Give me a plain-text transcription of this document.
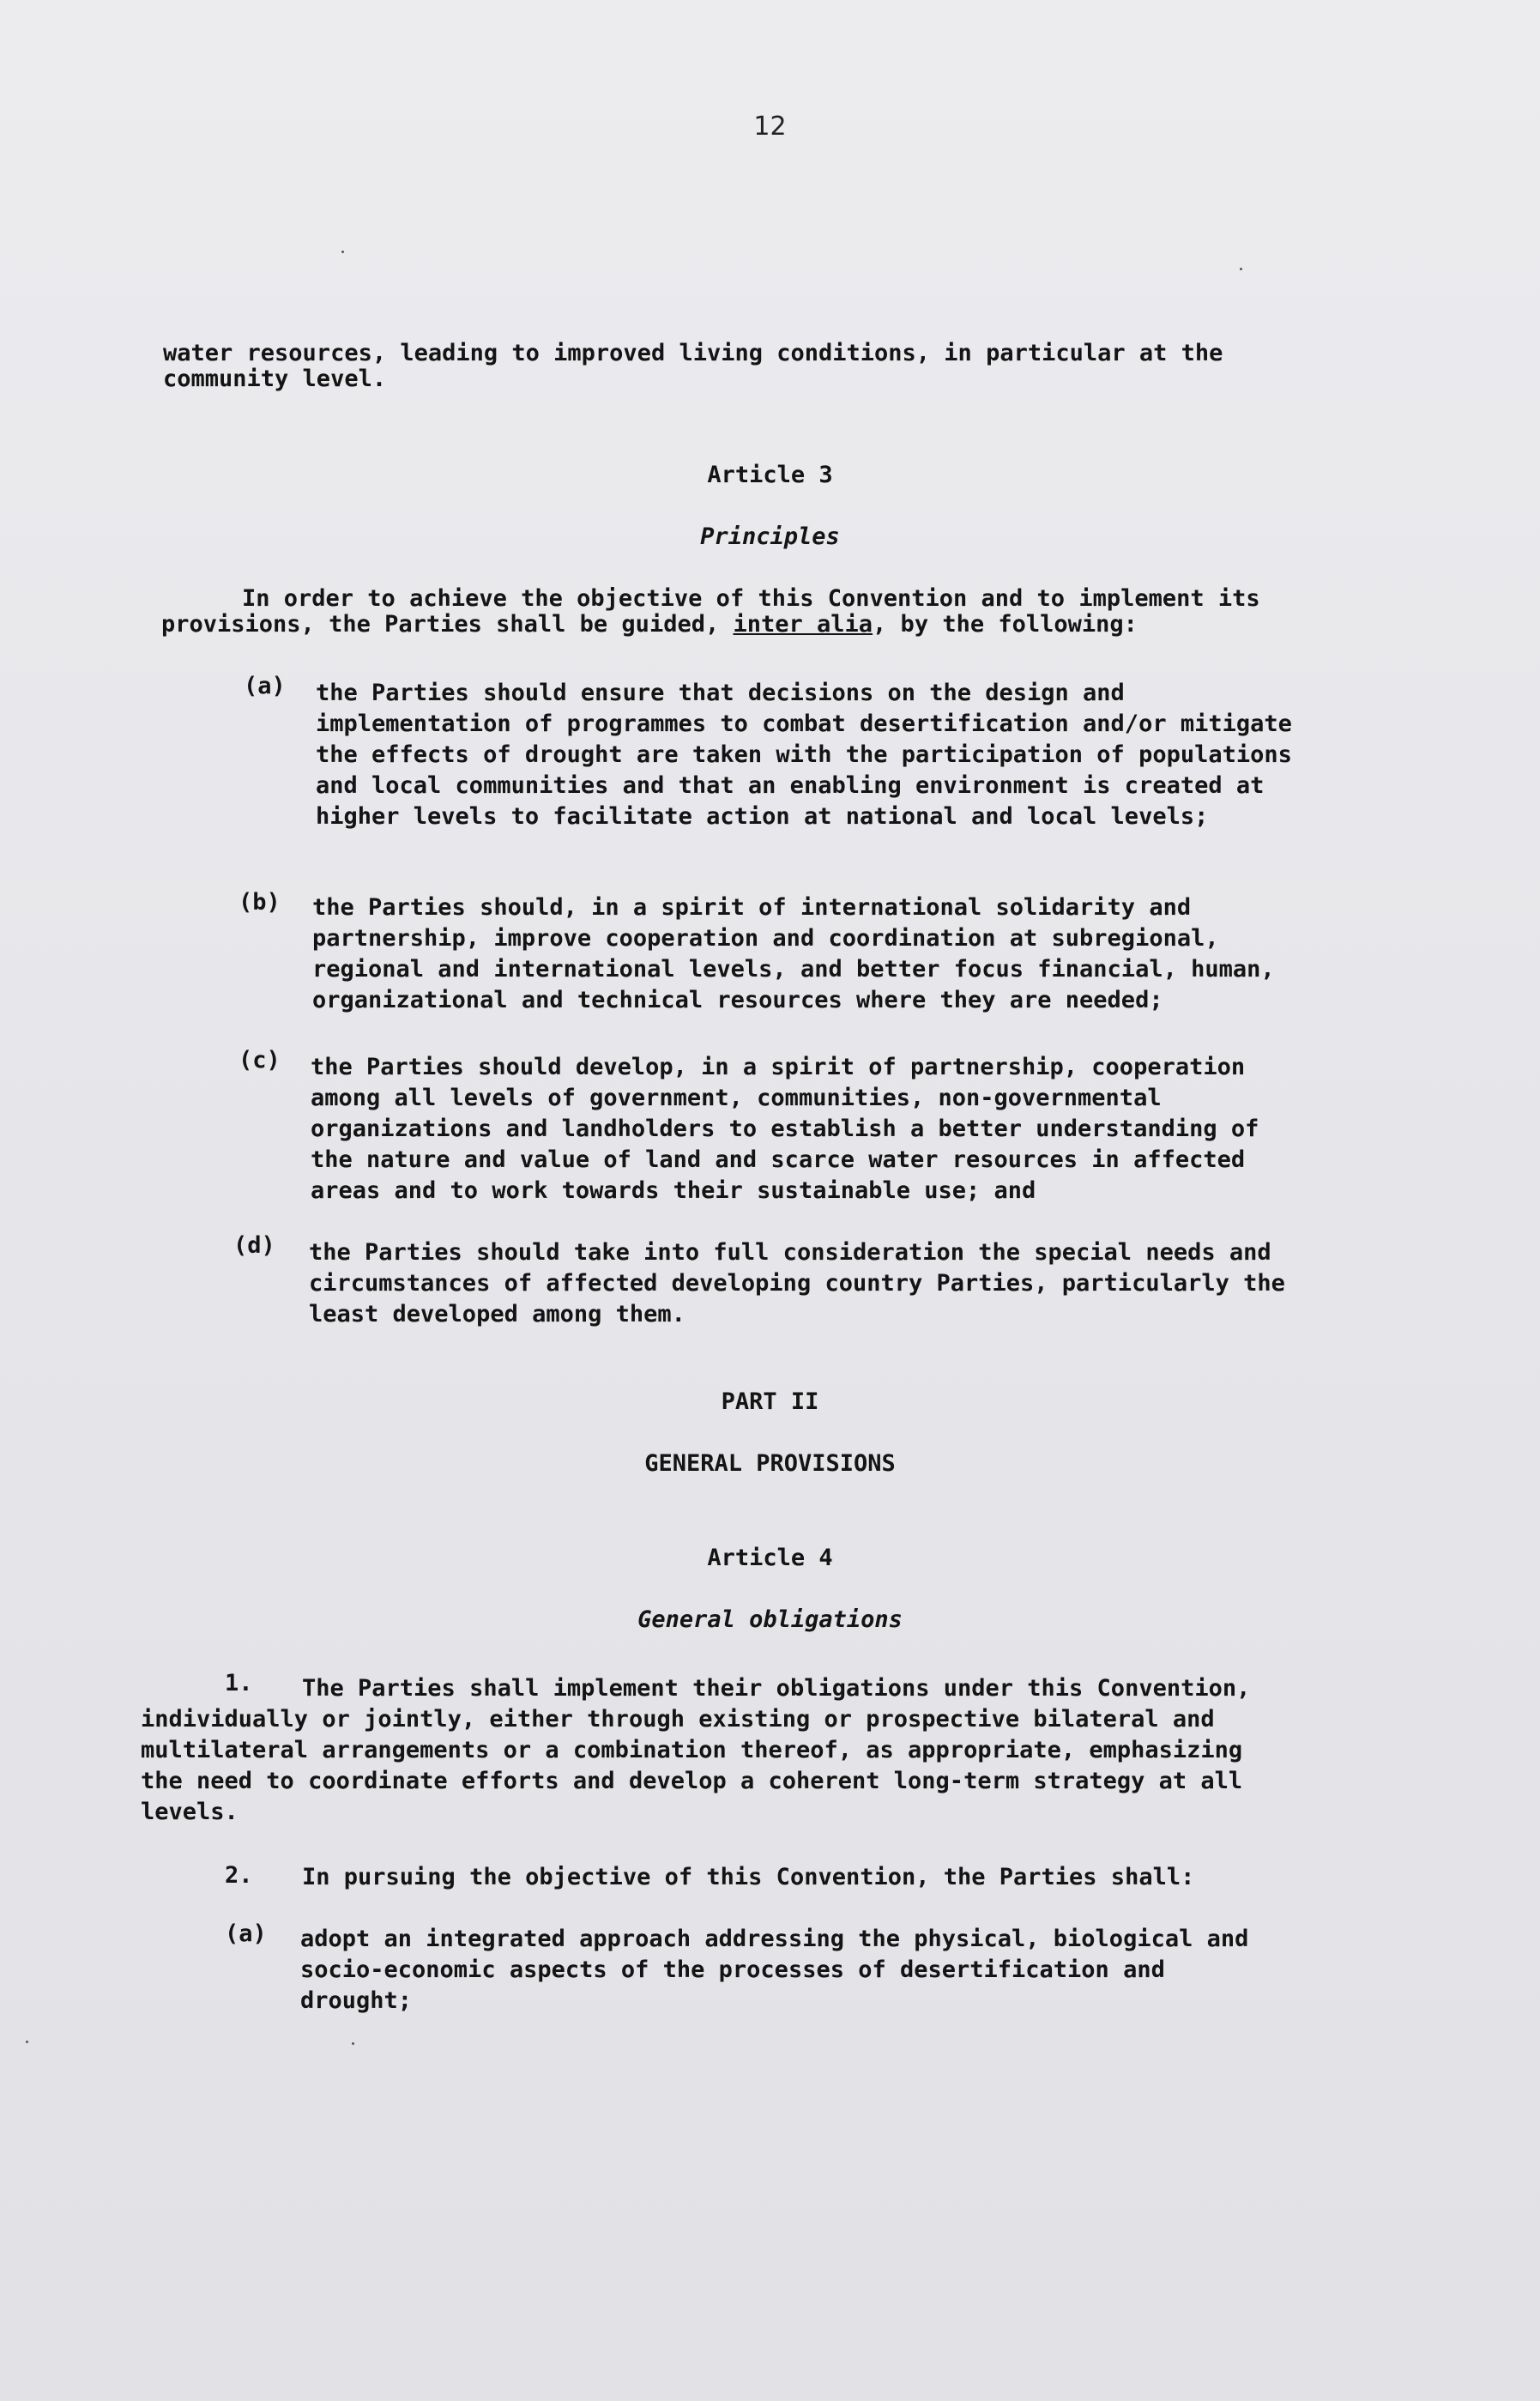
12
water resources, leading to improved living conditions, in particular at the
community level.
Article 3
Principles
In order to achieve the objective of this Convention and to implement its
provisions, the Parties shall be guided, inter alia, by the following:
(a) the Parties should ensure that decisions on the design and
implementation of programmes to combat desertification and/or mitigate
the effects of drought are taken with the participation of populations
and local communities and that an enabling environment is created at
higher levels to facilitate action at national and local levels;
(b) the Parties should, in a spirit of international solidarity and
partnership, improve cooperation and coordination at subregional,
regional and international levels, and better focus financial, human,
organizational and technical resources where they are needed;
(c) the Parties should develop, in a spirit of partnership, cooperation
among all levels of government, communities, non-governmental
organizations and landholders to establish a better understanding of
the nature and value of land and scarce water resources in affected
areas and to work towards their sustainable use; and
(d) the Parties should take into full consideration the special needs and
circumstances of affected developing country Parties, particularly the
least developed among them.
PART II
GENERAL PROVISIONS
Article 4
General obligations
1. The Parties shall implement their obligations under this Convention,
individually or jointly, either through existing or prospective bilateral and
multilateral arrangements or a combination thereof, as appropriate, emphasizing
the need to coordinate efforts and develop a coherent long-term strategy at all
levels.
2. In pursuing the objective of this Convention, the Parties shall:
(a) adopt an integrated approach addressing the physical, biological and
socio-economic aspects of the processes of desertification and
drought;
